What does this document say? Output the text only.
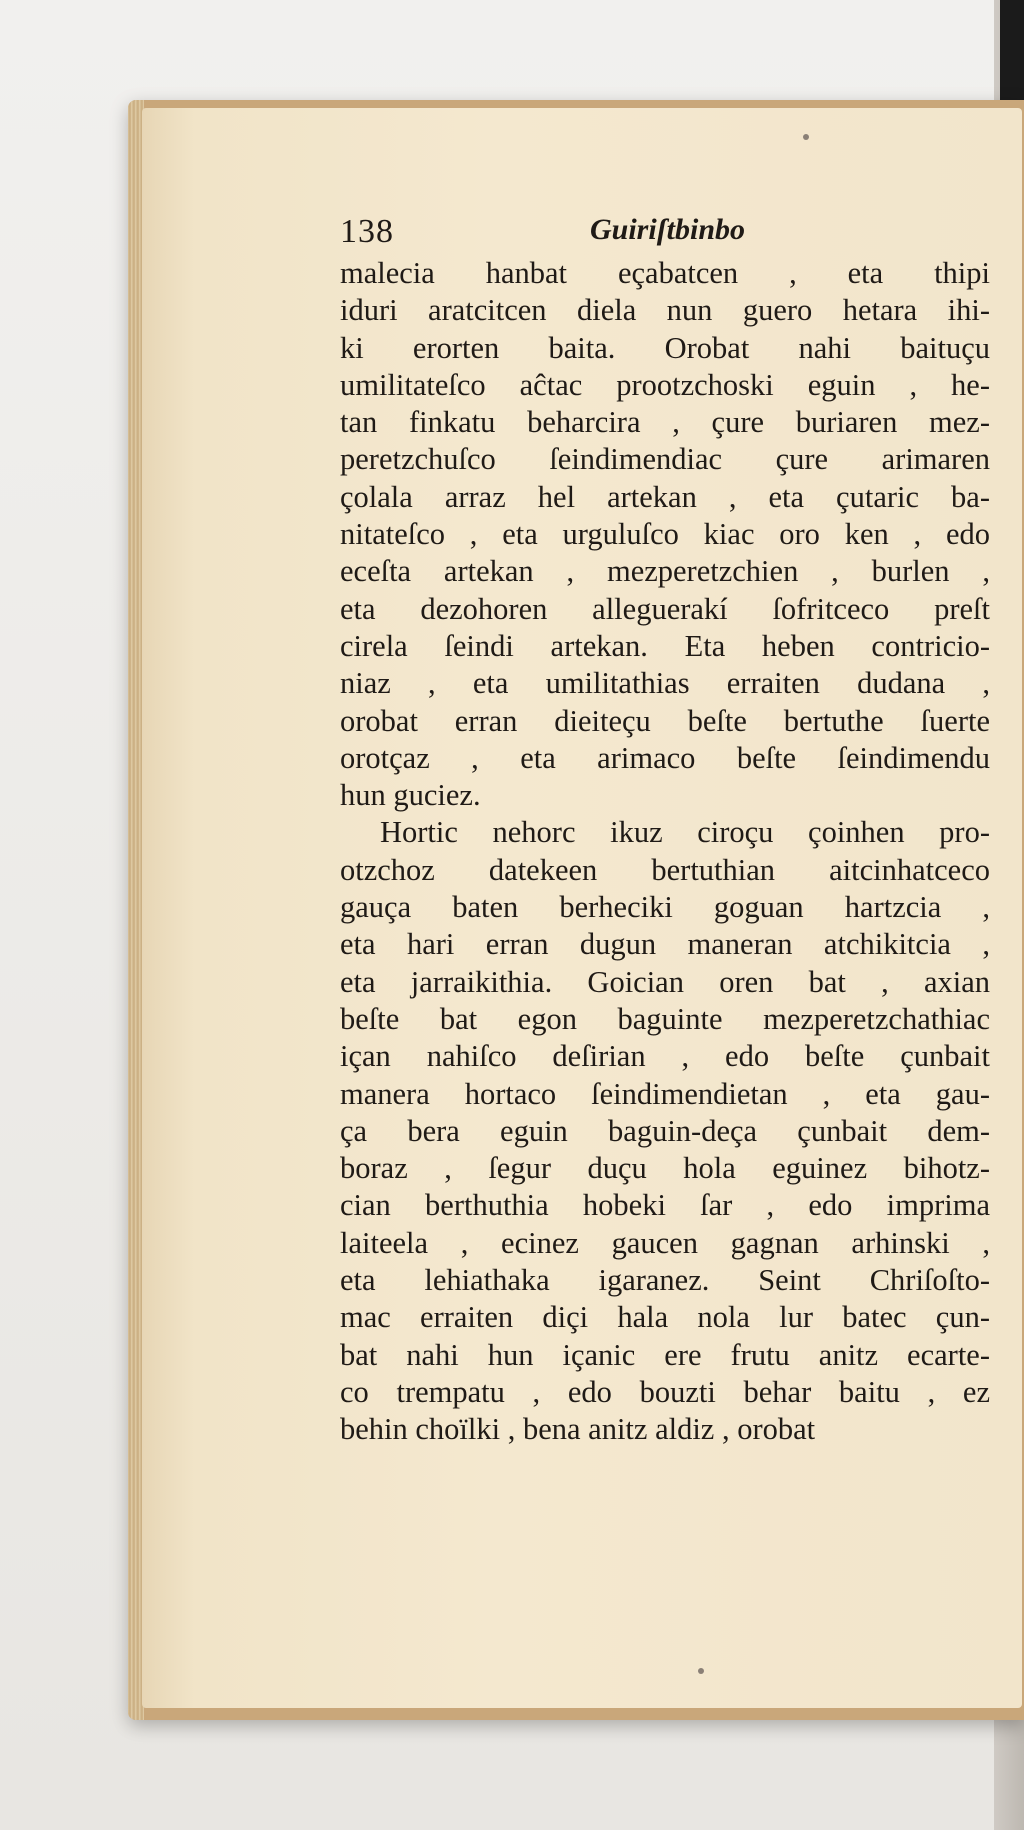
138	Guiriſtbinbo
malecia hanbat eçabatcen , eta thipi
iduri aratcitcen diela nun guero hetara ihi-
ki erorten baita. Orobat nahi baituçu
umilitateſco aĉtac prootzchoski eguin , he-
tan finkatu beharcira , çure buriaren mez-
peretzchuſco ſeindimendiac çure arimaren
çolala arraz hel artekan , eta çutaric ba-
nitateſco , eta urguluſco kiac oro ken , edo
eceſta artekan , mezperetzchien , burlen ,
eta dezohoren alleguerakí ſofritceco preſt
cirela ſeindi artekan. Eta heben contricio-
niaz , eta umilitathias erraiten dudana ,
orobat erran dieiteçu beſte bertuthe ſuerte
orotçaz , eta arimaco beſte ſeindimendu
hun guciez.
Hortic nehorc ikuz ciroçu çoinhen pro-
otzchoz datekeen bertuthian aitcinhatceco
gauça baten berheciki goguan hartzcia ,
eta hari erran dugun maneran atchikitcia ,
eta jarraikithia. Goician oren bat , axian
beſte bat egon baguinte mezperetzchathiac
içan nahiſco deſirian , edo beſte çunbait
manera hortaco ſeindimendietan , eta gau-
ça bera eguin baguin-deça çunbait dem-
boraz , ſegur duçu hola eguinez bihotz-
cian berthuthia hobeki ſar , edo imprima
laiteela , ecinez gaucen gagnan arhinski ,
eta lehiathaka igaranez. Seint Chriſoſto-
mac erraiten diçi hala nola lur batec çun-
bat nahi hun içanic ere frutu anitz ecarte-
co trempatu , edo bouzti behar baitu , ez
behin choïlki , bena anitz aldiz , orobat
